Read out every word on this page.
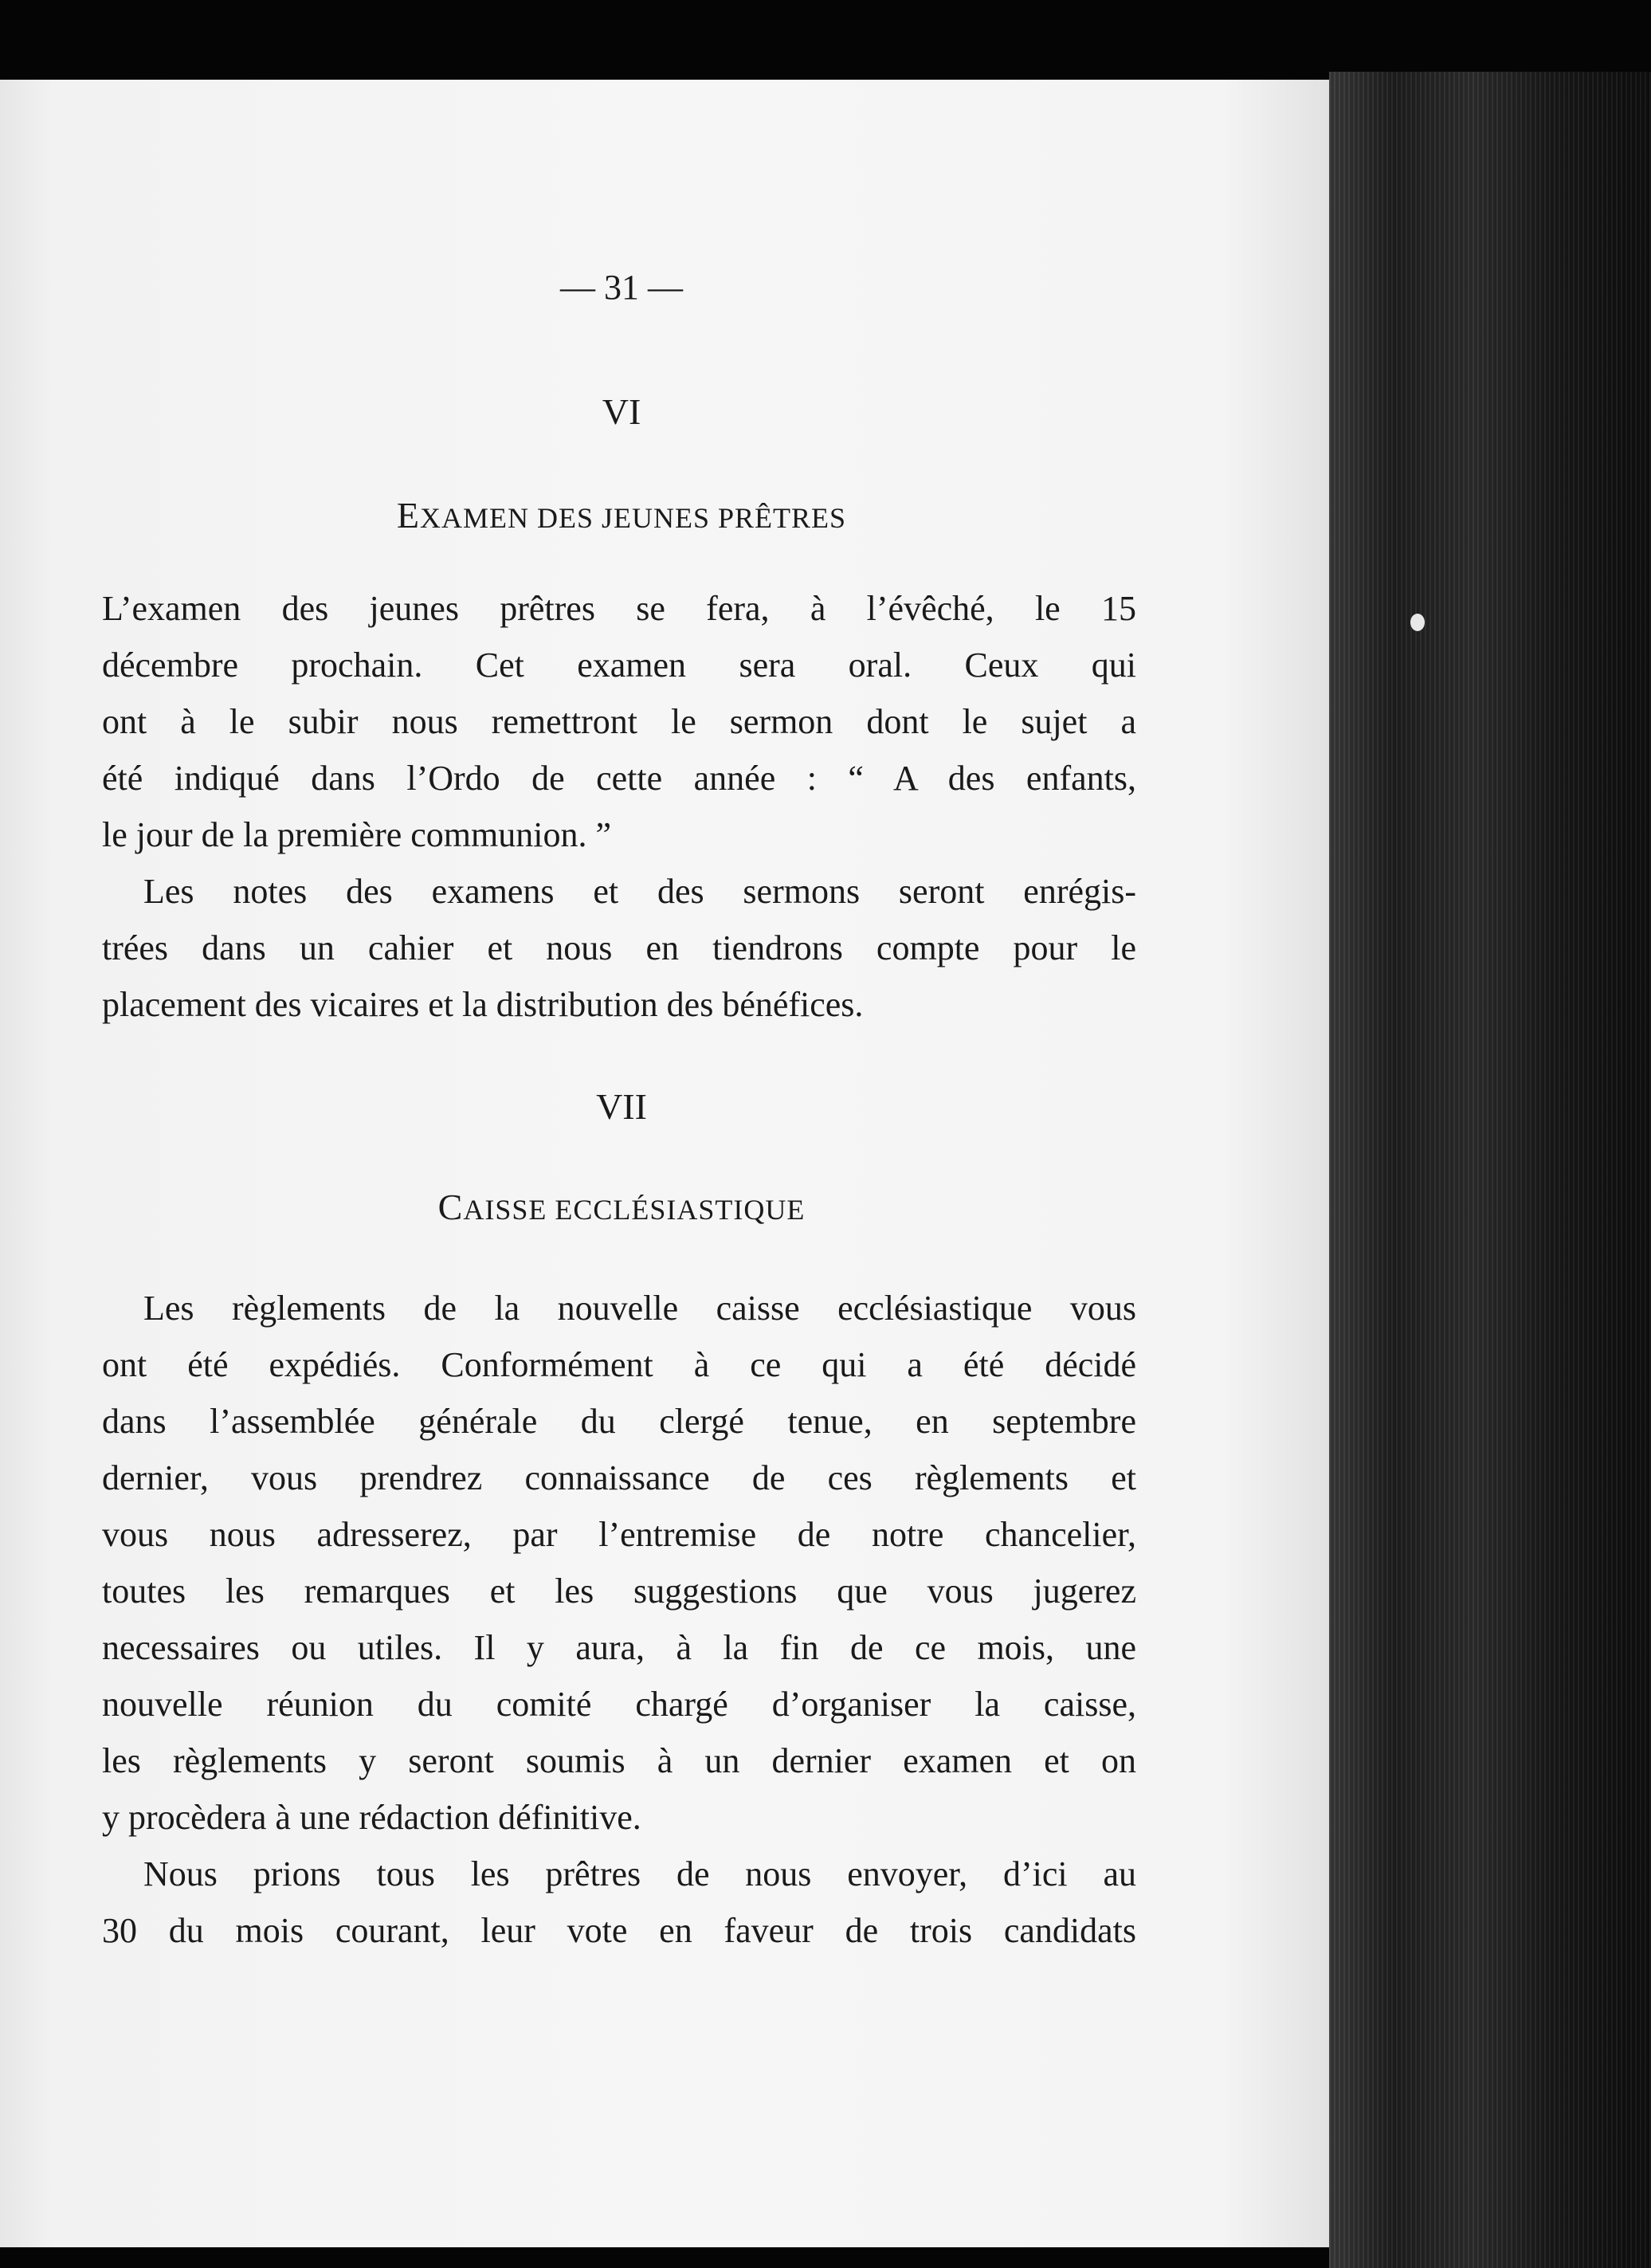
— 31 —
VI
EXAMEN DES JEUNES PRÊTRES
L’examen des jeunes prêtres se fera, à l’évêché, le 15
décembre prochain. Cet examen sera oral. Ceux qui
ont à le subir nous remettront le sermon dont le sujet a
été indiqué dans l’Ordo de cette année : “ A des enfants,
le jour de la première communion. ”
Les notes des examens et des sermons seront enrégis-
trées dans un cahier et nous en tiendrons compte pour le
placement des vicaires et la distribution des bénéfices.
VII
CAISSE ECCLÉSIASTIQUE
Les règlements de la nouvelle caisse ecclésiastique vous
ont été expédiés. Conformément à ce qui a été décidé
dans l’assemblée générale du clergé tenue, en septembre
dernier, vous prendrez connaissance de ces règlements et
vous nous adresserez, par l’entremise de notre chancelier,
toutes les remarques et les suggestions que vous jugerez
necessaires ou utiles. Il y aura, à la fin de ce mois, une
nouvelle réunion du comité chargé d’organiser la caisse,
les règlements y seront soumis à un dernier examen et on
y procèdera à une rédaction définitive.
Nous prions tous les prêtres de nous envoyer, d’ici au
30 du mois courant, leur vote en faveur de trois candidats
